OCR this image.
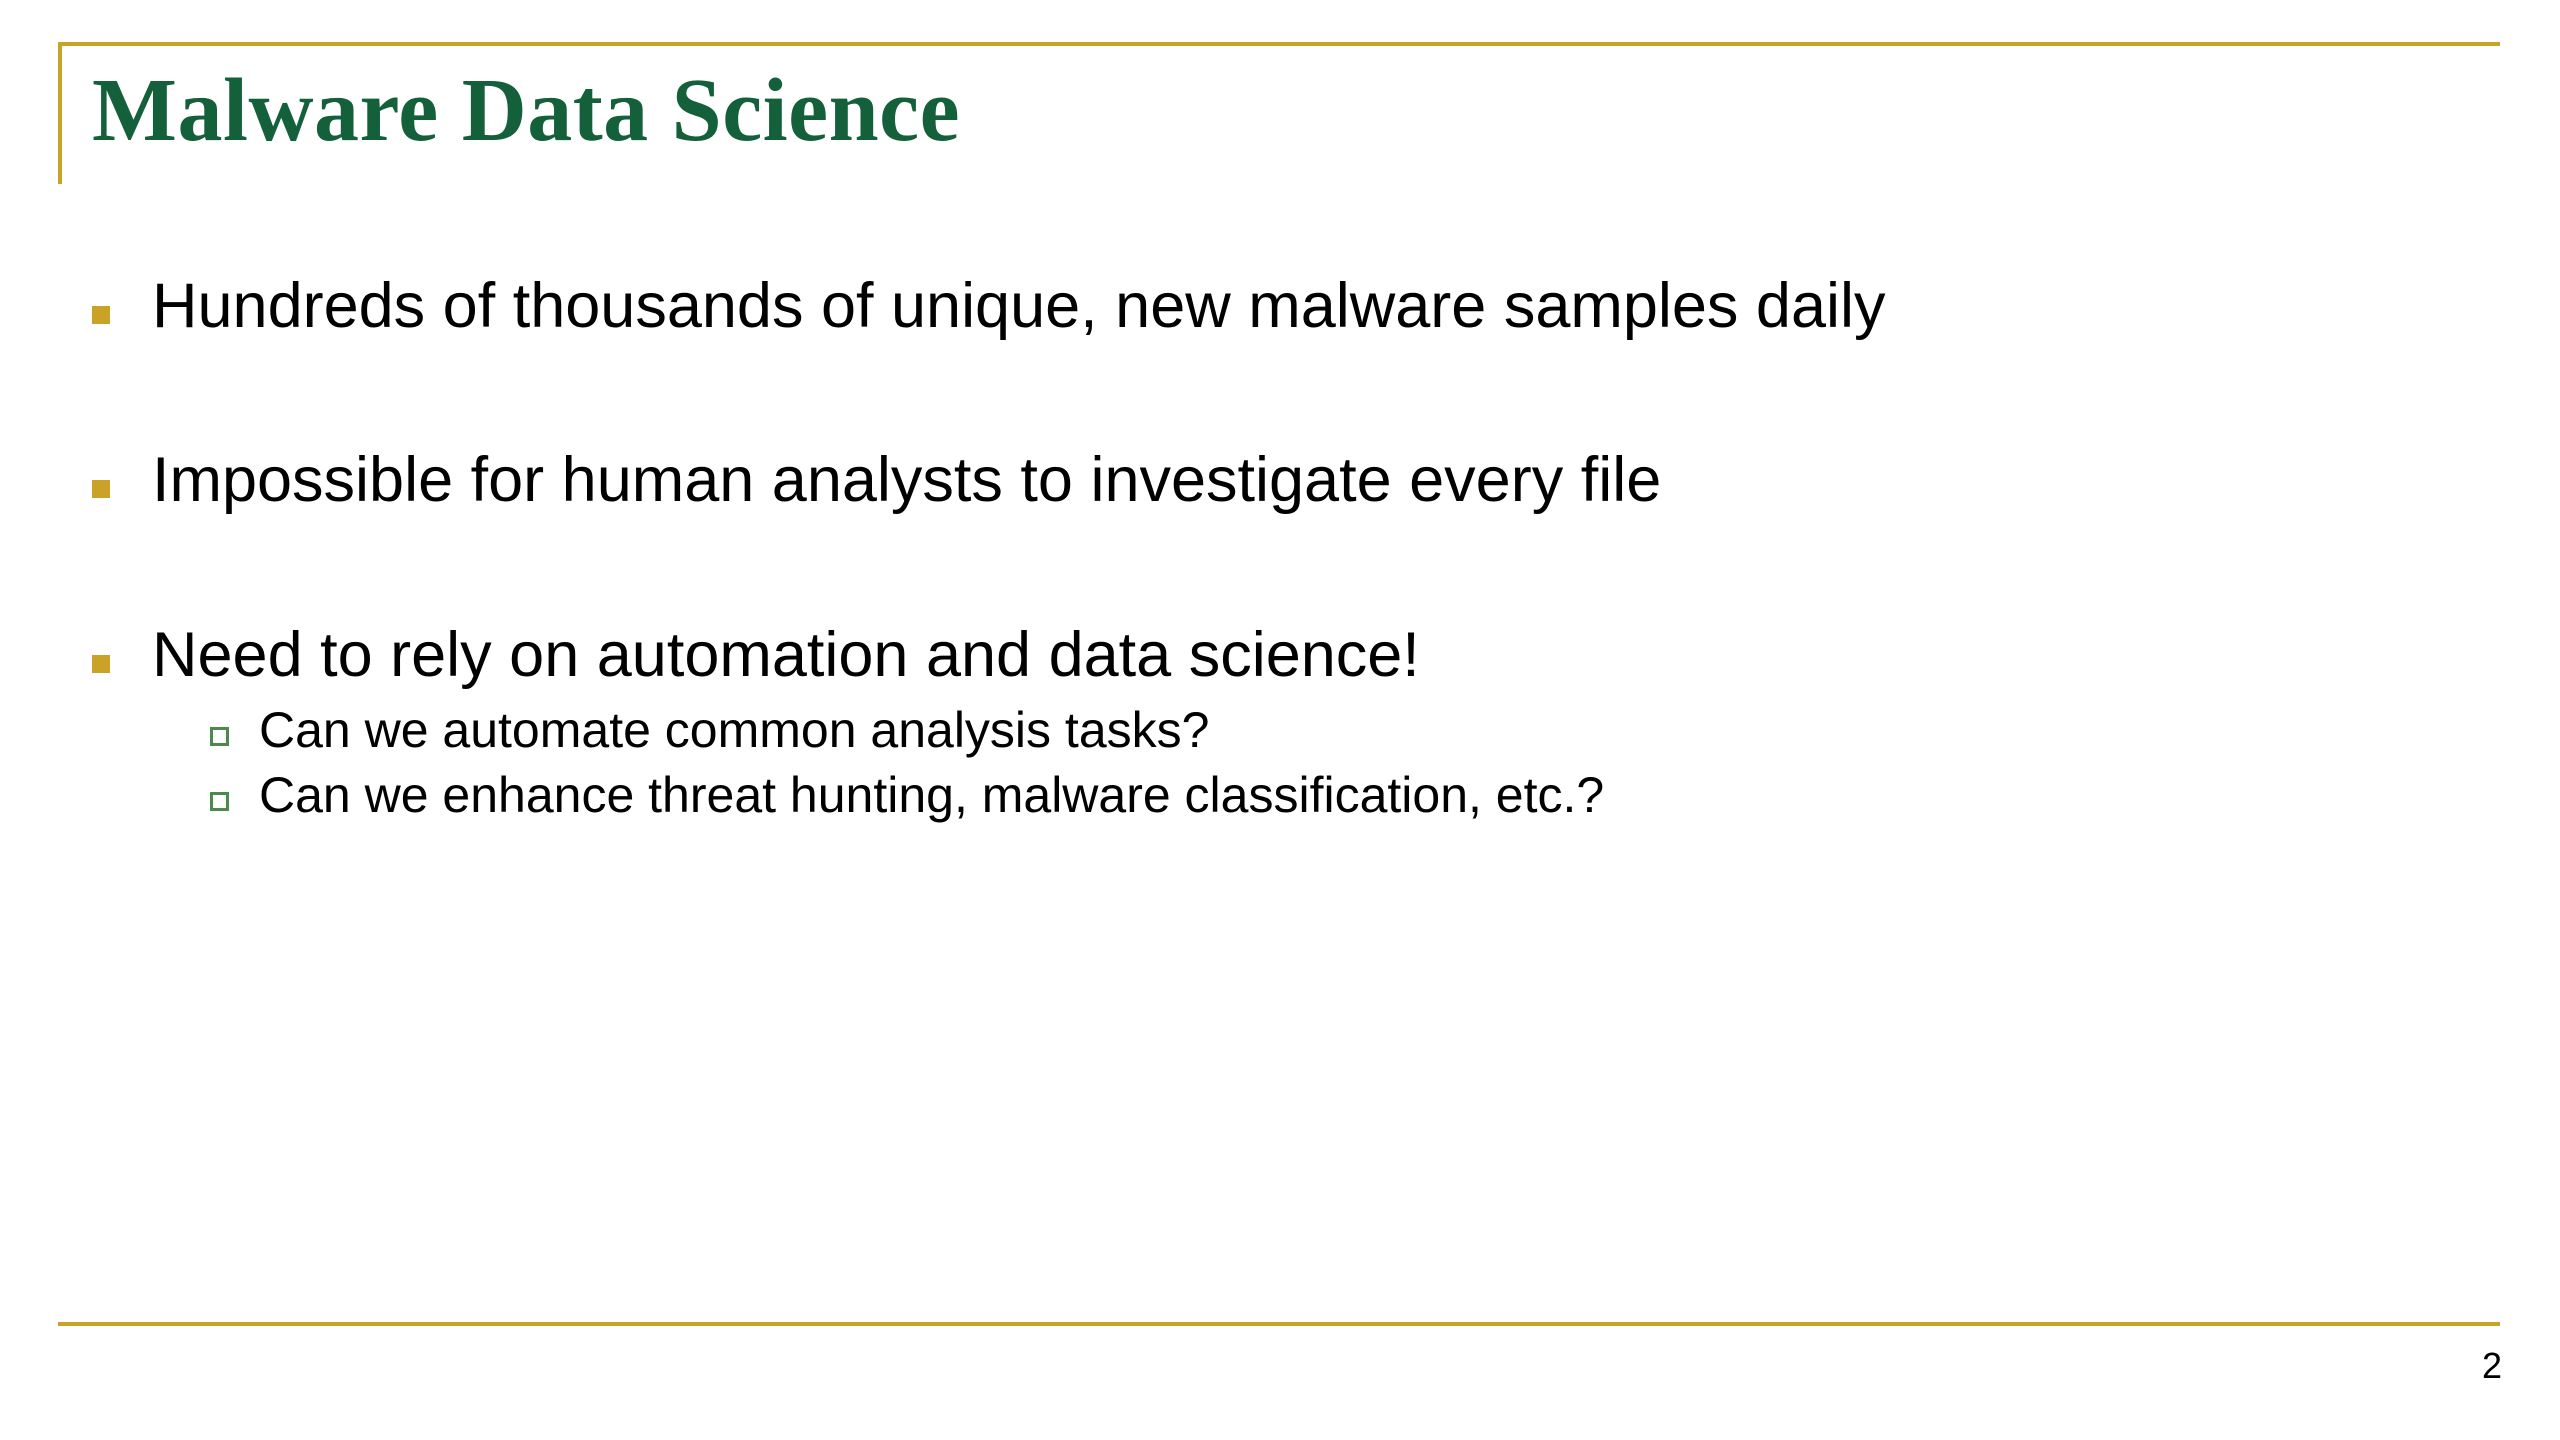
Malware Data Science
Hundreds of thousands of unique, new malware samples daily
Impossible for human analysts to investigate every file
Need to rely on automation and data science!
Can we automate common analysis tasks?
Can we enhance threat hunting, malware classification, etc.?
2
